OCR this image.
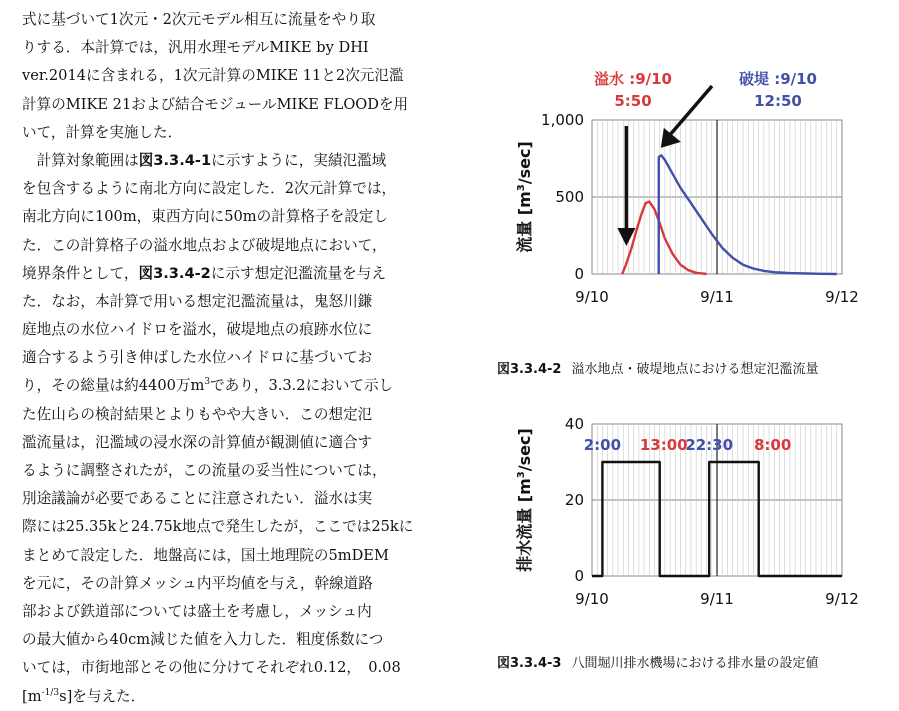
式に基づいて1次元・2次元モデル相互に流量をやり取
りする．本計算では，汎用水理モデルMIKE by DHI
ver.2014に含まれる，1次元計算のMIKE 11と2次元氾濫
計算のMIKE 21および結合モジュールMIKE FLOODを用
いて，計算を実施した．
　計算対象範囲は図3.3.4-1に示すように，実績氾濫域
を包含するように南北方向に設定した．2次元計算では，
南北方向に100m，東西方向に50mの計算格子を設定し
た．この計算格子の溢水地点および破堤地点において，
境界条件として，図3.3.4-2に示す想定氾濫流量を与え
た．なお，本計算で用いる想定氾濫流量は，鬼怒川鎌
庭地点の水位ハイドロを溢水，破堤地点の痕跡水位に
適合するよう引き伸ばした水位ハイドロに基づいてお
り，その総量は約4400万$m^3$であり，3.3.2において示し
た佐山らの検討結果とよりもやや大きい．この想定氾
濫流量は，氾濫域の浸水深の計算値が観測値に適合す
るように調整されたが，この流量の妥当性については，
別途議論が必要であることに注意されたい．溢水は実
際には25.35kと24.75k地点で発生したが，ここでは25kに
まとめて設定した．地盤高には，国土地理院の5mDEM
を元に，その計算メッシュ内平均値を与え，幹線道路
部および鉄道部については盛土を考慮し，メッシュ内
の最大値から40cm減じた値を入力した．粗度係数につ
いては，市街地部とその他に分けてそれぞれ0.12，　0.08
$[m^{-1/3}s]$を与えた．
溢水 :9/10
5:50
破堤 :9/10
12:50
0
500
1,000
9/10	9/11	9/12
流量 $[m^3/\sec]$
図3.3.4-2 溢水地点・破堤地点における想定氾濫流量
0
20
40
9/10	9/11	9/12
排水流量 $[m^3/\sec]$	2:00 13:00
22:30 8:00
図3.3.4-3 八間堀川排水機場における排水量の設定値
